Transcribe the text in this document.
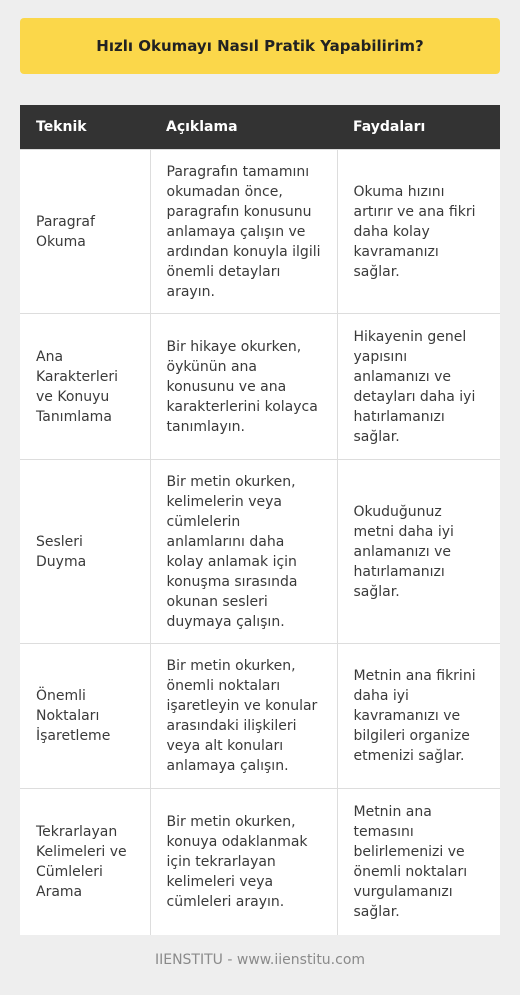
Hızlı Okumayı Nasıl Pratik Yapabilirim?
Teknik	Açıklama	Faydaları
Paragraf Okuma	Paragrafın tamamını okumadan önce, paragrafın konusunu anlamaya çalışın ve ardından konuyla ilgili önemli detayları arayın.	Okuma hızını artırır ve ana fikri daha kolay kavramanızı sağlar.
Ana Karakterleri ve Konuyu Tanımlama	Bir hikaye okurken, öykünün ana konusunu ve ana karakterlerini kolayca tanımlayın.	Hikayenin genel yapısını anlamanızı ve detayları daha iyi hatırlamanızı sağlar.
Sesleri Duyma	Bir metin okurken, kelimelerin veya cümlelerin anlamlarını daha kolay anlamak için konuşma sırasında okunan sesleri duymaya çalışın.	Okuduğunuz metni daha iyi anlamanızı ve hatırlamanızı sağlar.
Önemli Noktaları İşaretleme	Bir metin okurken, önemli noktaları işaretleyin ve konular arasındaki ilişkileri veya alt konuları anlamaya çalışın.	Metnin ana fikrini daha iyi kavramanızı ve bilgileri organize etmenizi sağlar.
Tekrarlayan Kelimeleri ve Cümleleri Arama	Bir metin okurken, konuya odaklanmak için tekrarlayan kelimeleri veya cümleleri arayın.	Metnin ana temasını belirlemenizi ve önemli noktaları vurgulamanızı sağlar.
IIENSTITU - www.iienstitu.com
